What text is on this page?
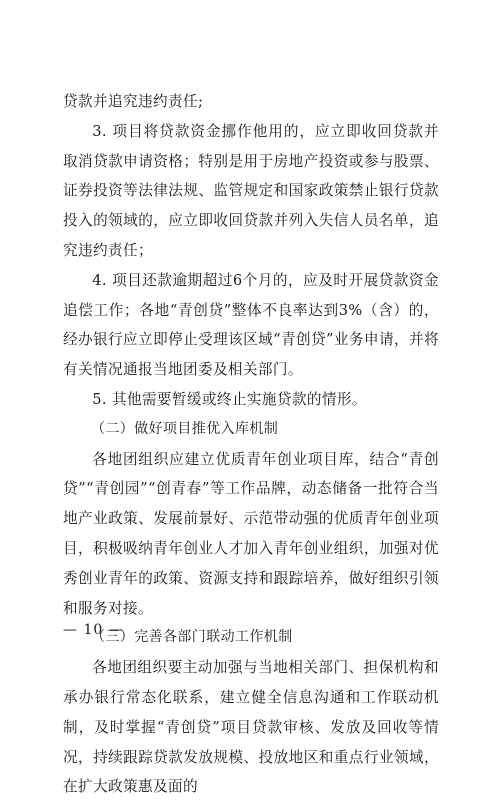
贷款并追究违约责任;

3. 项目将贷款资金挪作他用的，应立即收回贷款并取消贷款申请资格；特别是用于房地产投资或参与股票、证券投资等法律法规、监管规定和国家政策禁止银行贷款投入的领域的，应立即收回贷款并列入失信人员名单，追究违约责任；

4. 项目还款逾期超过6个月的，应及时开展贷款资金追偿工作；各地“青创贷”整体不良率达到3%（含）的，经办银行应立即停止受理该区域“青创贷”业务申请，并将有关情况通报当地团委及相关部门。

5. 其他需要暂缓或终止实施贷款的情形。

（二）做好项目推优入库机制

各地团组织应建立优质青年创业项目库，结合“青创贷”“青创园”“创青春”等工作品牌，动态储备一批符合当地产业政策、发展前景好、示范带动强的优质青年创业项目，积极吸纳青年创业人才加入青年创业组织，加强对优秀创业青年的政策、资源支持和跟踪培养，做好组织引领和服务对接。

（三）完善各部门联动工作机制

各地团组织要主动加强与当地相关部门、担保机构和承办银行常态化联系，建立健全信息沟通和工作联动机制，及时掌握“青创贷”项目贷款审核、发放及回收等情况，持续跟踪贷款发放规模、投放地区和重点行业领域，在扩大政策惠及面的

— 10 —
